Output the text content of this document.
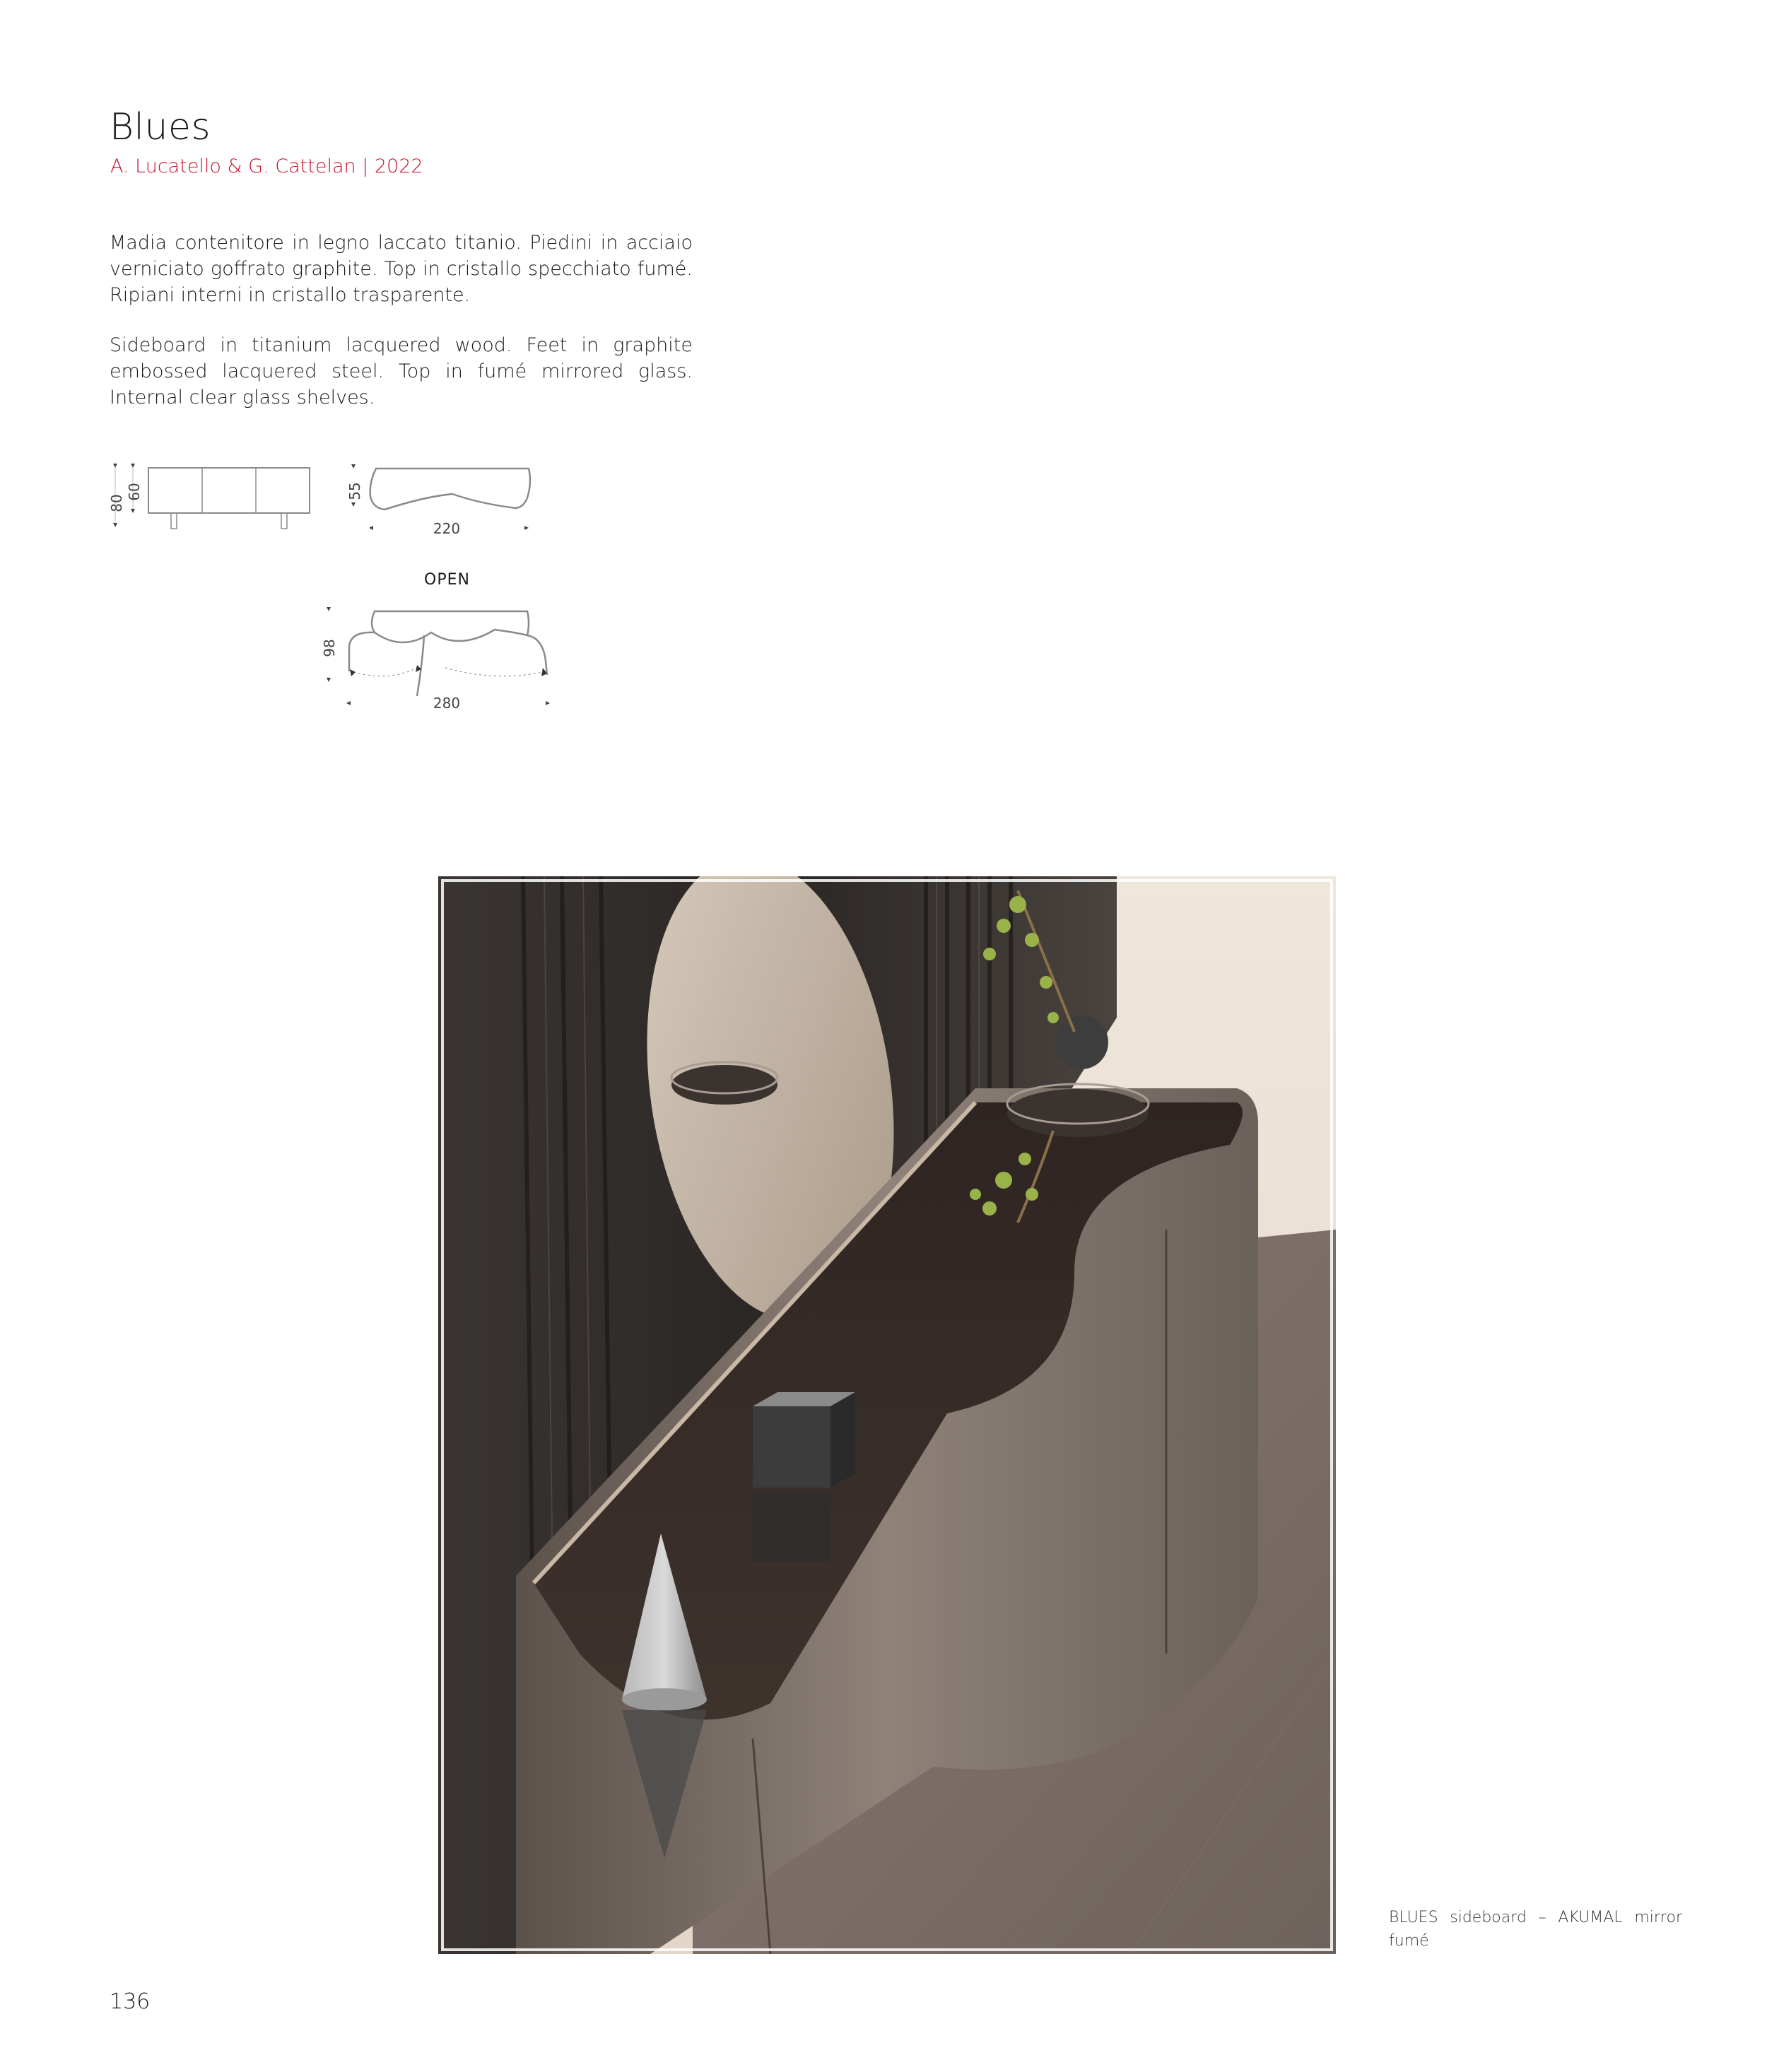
Blues
A. Lucatello & G. Cattelan | 2022
Madia contenitore in legno laccato titanio. Piedini in acciaio verniciato goffrato graphite. Top in cristallo specchiato fumé. Ripiani interni in cristallo trasparente.
Sideboard in titanium lacquered wood. Feet in graphite embossed lacquered steel. Top in fumé mirrored glass. Internal clear glass shelves.
80
60	55
220
OPEN
98
280
BLUES sideboard – AKUMAL mirror fumé
136
